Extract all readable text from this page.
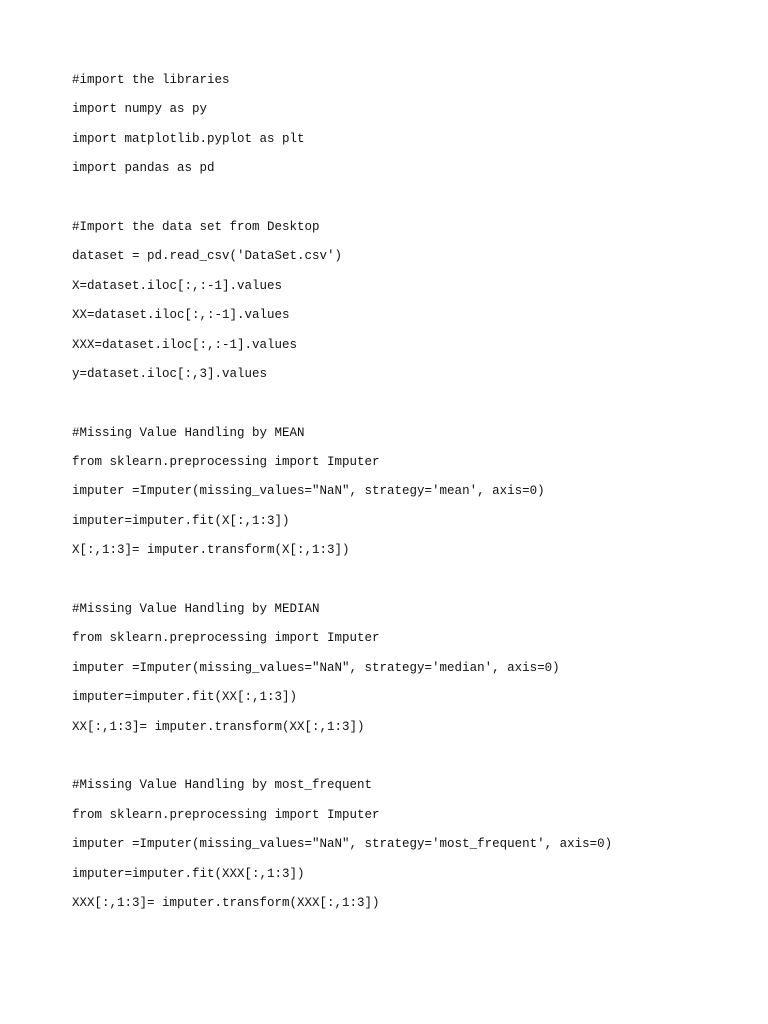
#import the libraries
import numpy as py
import matplotlib.pyplot as plt
import pandas as pd
#Import the data set from Desktop
dataset = pd.read_csv('DataSet.csv')
X=dataset.iloc[:,:-1].values
XX=dataset.iloc[:,:-1].values
XXX=dataset.iloc[:,:-1].values
y=dataset.iloc[:,3].values
#Missing Value Handling by MEAN
from sklearn.preprocessing import Imputer
imputer =Imputer(missing_values="NaN", strategy='mean', axis=0)
imputer=imputer.fit(X[:,1:3])
X[:,1:3]= imputer.transform(X[:,1:3])
#Missing Value Handling by MEDIAN
from sklearn.preprocessing import Imputer
imputer =Imputer(missing_values="NaN", strategy='median', axis=0)
imputer=imputer.fit(XX[:,1:3])
XX[:,1:3]= imputer.transform(XX[:,1:3])
#Missing Value Handling by most_frequent
from sklearn.preprocessing import Imputer
imputer =Imputer(missing_values="NaN", strategy='most_frequent', axis=0)
imputer=imputer.fit(XXX[:,1:3])
XXX[:,1:3]= imputer.transform(XXX[:,1:3])
